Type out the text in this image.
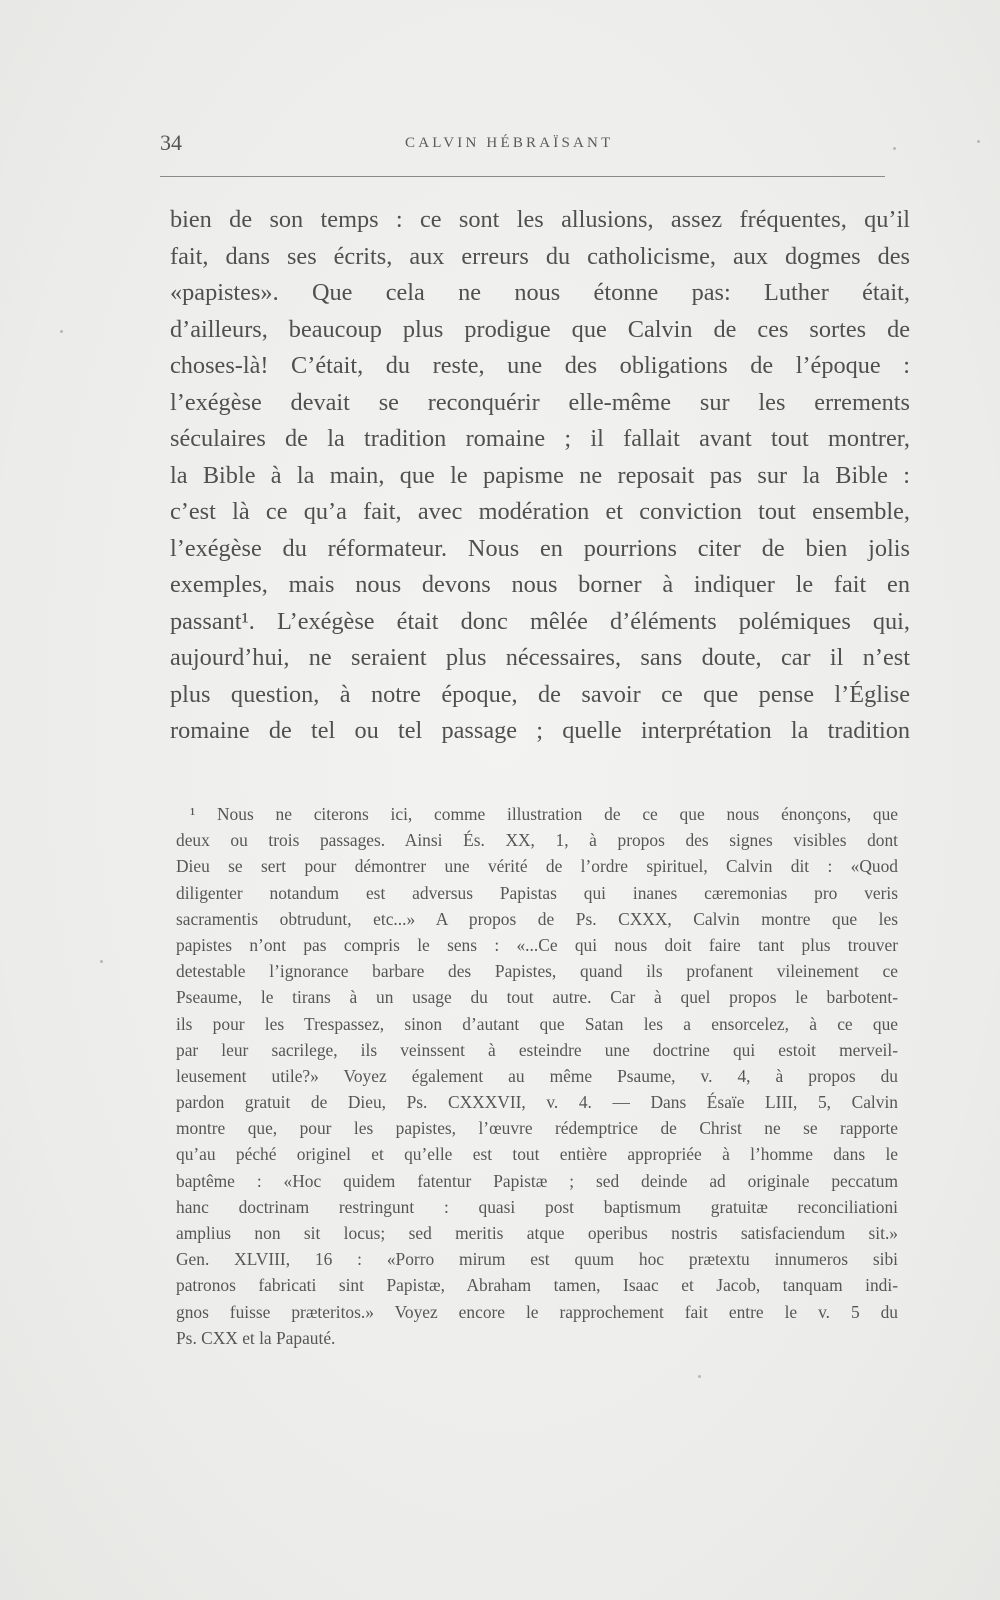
34	CALVIN HÉBRAÏSANT
bien de son temps : ce sont les allusions, assez fréquentes, qu’il
fait, dans ses écrits, aux erreurs du catholicisme, aux dogmes des
«papistes». Que cela ne nous étonne pas: Luther était,
d’ailleurs, beaucoup plus prodigue que Calvin de ces sortes de
choses-là! C’était, du reste, une des obligations de l’époque :
l’exégèse devait se reconquérir elle-même sur les errements
séculaires de la tradition romaine ; il fallait avant tout montrer,
la Bible à la main, que le papisme ne reposait pas sur la Bible :
c’est là ce qu’a fait, avec modération et conviction tout ensemble,
l’exégèse du réformateur. Nous en pourrions citer de bien jolis
exemples, mais nous devons nous borner à indiquer le fait en
passant¹. L’exégèse était donc mêlée d’éléments polémiques qui,
aujourd’hui, ne seraient plus nécessaires, sans doute, car il n’est
plus question, à notre époque, de savoir ce que pense l’Église
romaine de tel ou tel passage ; quelle interprétation la tradition
¹ Nous ne citerons ici, comme illustration de ce que nous énonçons, que
deux ou trois passages. Ainsi És. XX, 1, à propos des signes visibles dont
Dieu se sert pour démontrer une vérité de l’ordre spirituel, Calvin dit : «Quod
diligenter notandum est adversus Papistas qui inanes cæremonias pro veris
sacramentis obtrudunt, etc...» A propos de Ps. CXXX, Calvin montre que les
papistes n’ont pas compris le sens : «...Ce qui nous doit faire tant plus trouver
detestable l’ignorance barbare des Papistes, quand ils profanent vileinement ce
Pseaume, le tirans à un usage du tout autre. Car à quel propos le barbotent-
ils pour les Trespassez, sinon d’autant que Satan les a ensorcelez, à ce que
par leur sacrilege, ils veinssent à esteindre une doctrine qui estoit merveil-
leusement utile?» Voyez également au même Psaume, v. 4, à propos du
pardon gratuit de Dieu, Ps. CXXXVII, v. 4. — Dans Ésaïe LIII, 5, Calvin
montre que, pour les papistes, l’œuvre rédemptrice de Christ ne se rapporte
qu’au péché originel et qu’elle est tout entière appropriée à l’homme dans le
baptême : «Hoc quidem fatentur Papistæ ; sed deinde ad originale peccatum
hanc doctrinam restringunt : quasi post baptismum gratuitæ reconciliationi
amplius non sit locus; sed meritis atque operibus nostris satisfaciendum sit.»
Gen. XLVIII, 16 : «Porro mirum est quum hoc prætextu innumeros sibi
patronos fabricati sint Papistæ, Abraham tamen, Isaac et Jacob, tanquam indi-
gnos fuisse præteritos.» Voyez encore le rapprochement fait entre le v. 5 du
Ps. CXX et la Papauté.
